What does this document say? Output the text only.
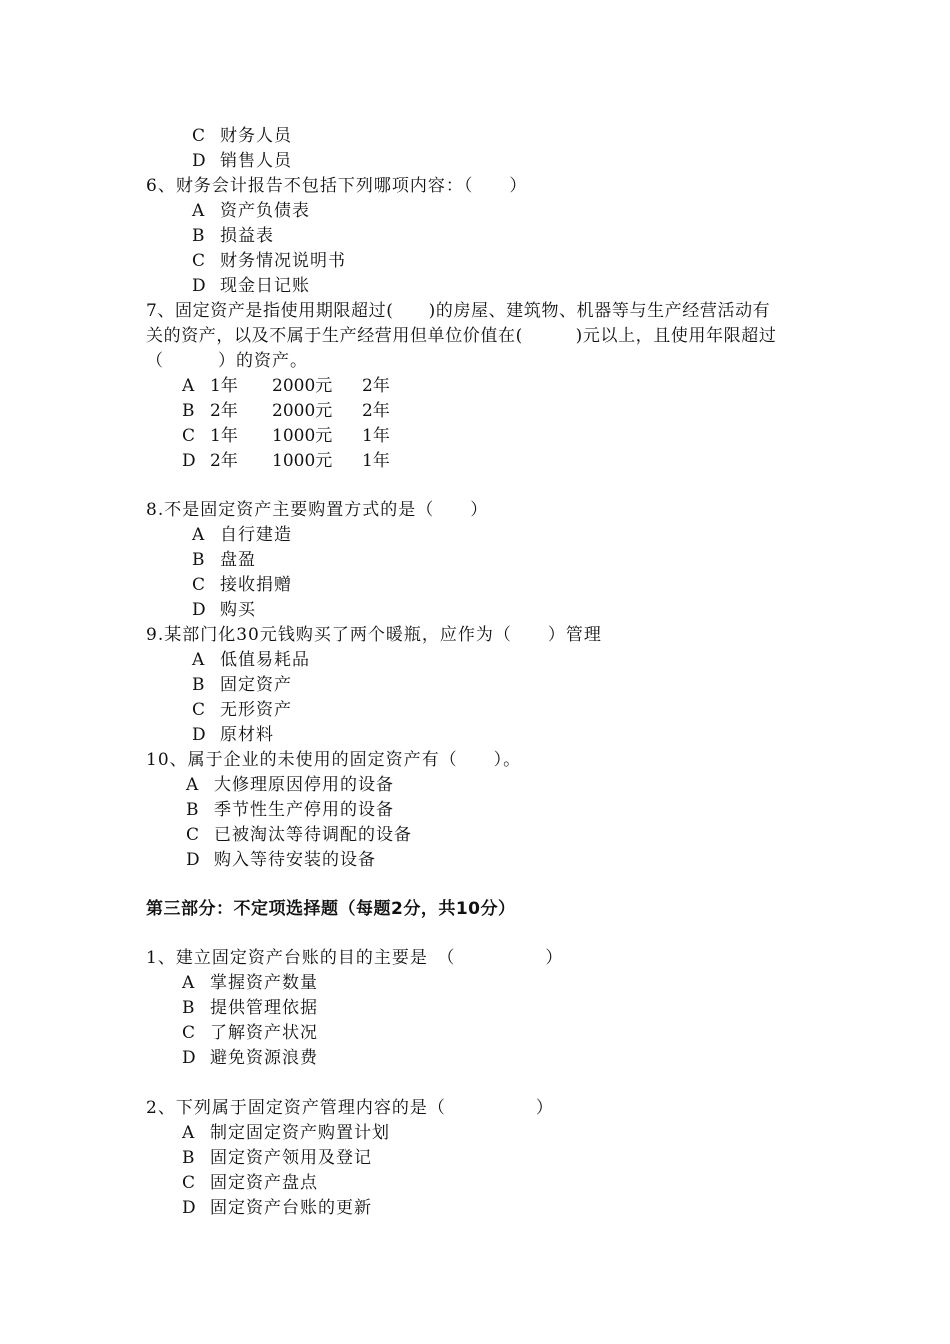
C 财务人员
D 销售人员
6、财务会计报告不包括下列哪项内容：（　　）
A 资产负债表
B 损益表
C 财务情况说明书
D 现金日记账
7、固定资产是指使用期限超过(　　)的房屋、建筑物、机器等与生产经营活动有
关的资产，以及不属于生产经营用但单位价值在(　　　)元以上，且使用年限超过
（　　　）的资产。
A 1年 2000元 2年
B 2年 2000元 2年
C 1年 1000元 1年
D 2年 1000元 1年
8.不是固定资产主要购置方式的是（　　）
A 自行建造
B 盘盈
C 接收捐赠
D 购买
9.某部门化30元钱购买了两个暖瓶，应作为（　　）管理
A 低值易耗品
B 固定资产
C 无形资产
D 原材料
10、属于企业的未使用的固定资产有（　　）。
A 大修理原因停用的设备
B 季节性生产停用的设备
C 已被淘汰等待调配的设备
D 购入等待安装的设备
第三部分：不定项选择题（每题2分，共10分）
1、建立固定资产台账的目的主要是　（　　　　　）
A 掌握资产数量
B 提供管理依据
C 了解资产状况
D 避免资源浪费
2、下列属于固定资产管理内容的是（　　　　　）
A 制定固定资产购置计划
B 固定资产领用及登记
C 固定资产盘点
D 固定资产台账的更新
